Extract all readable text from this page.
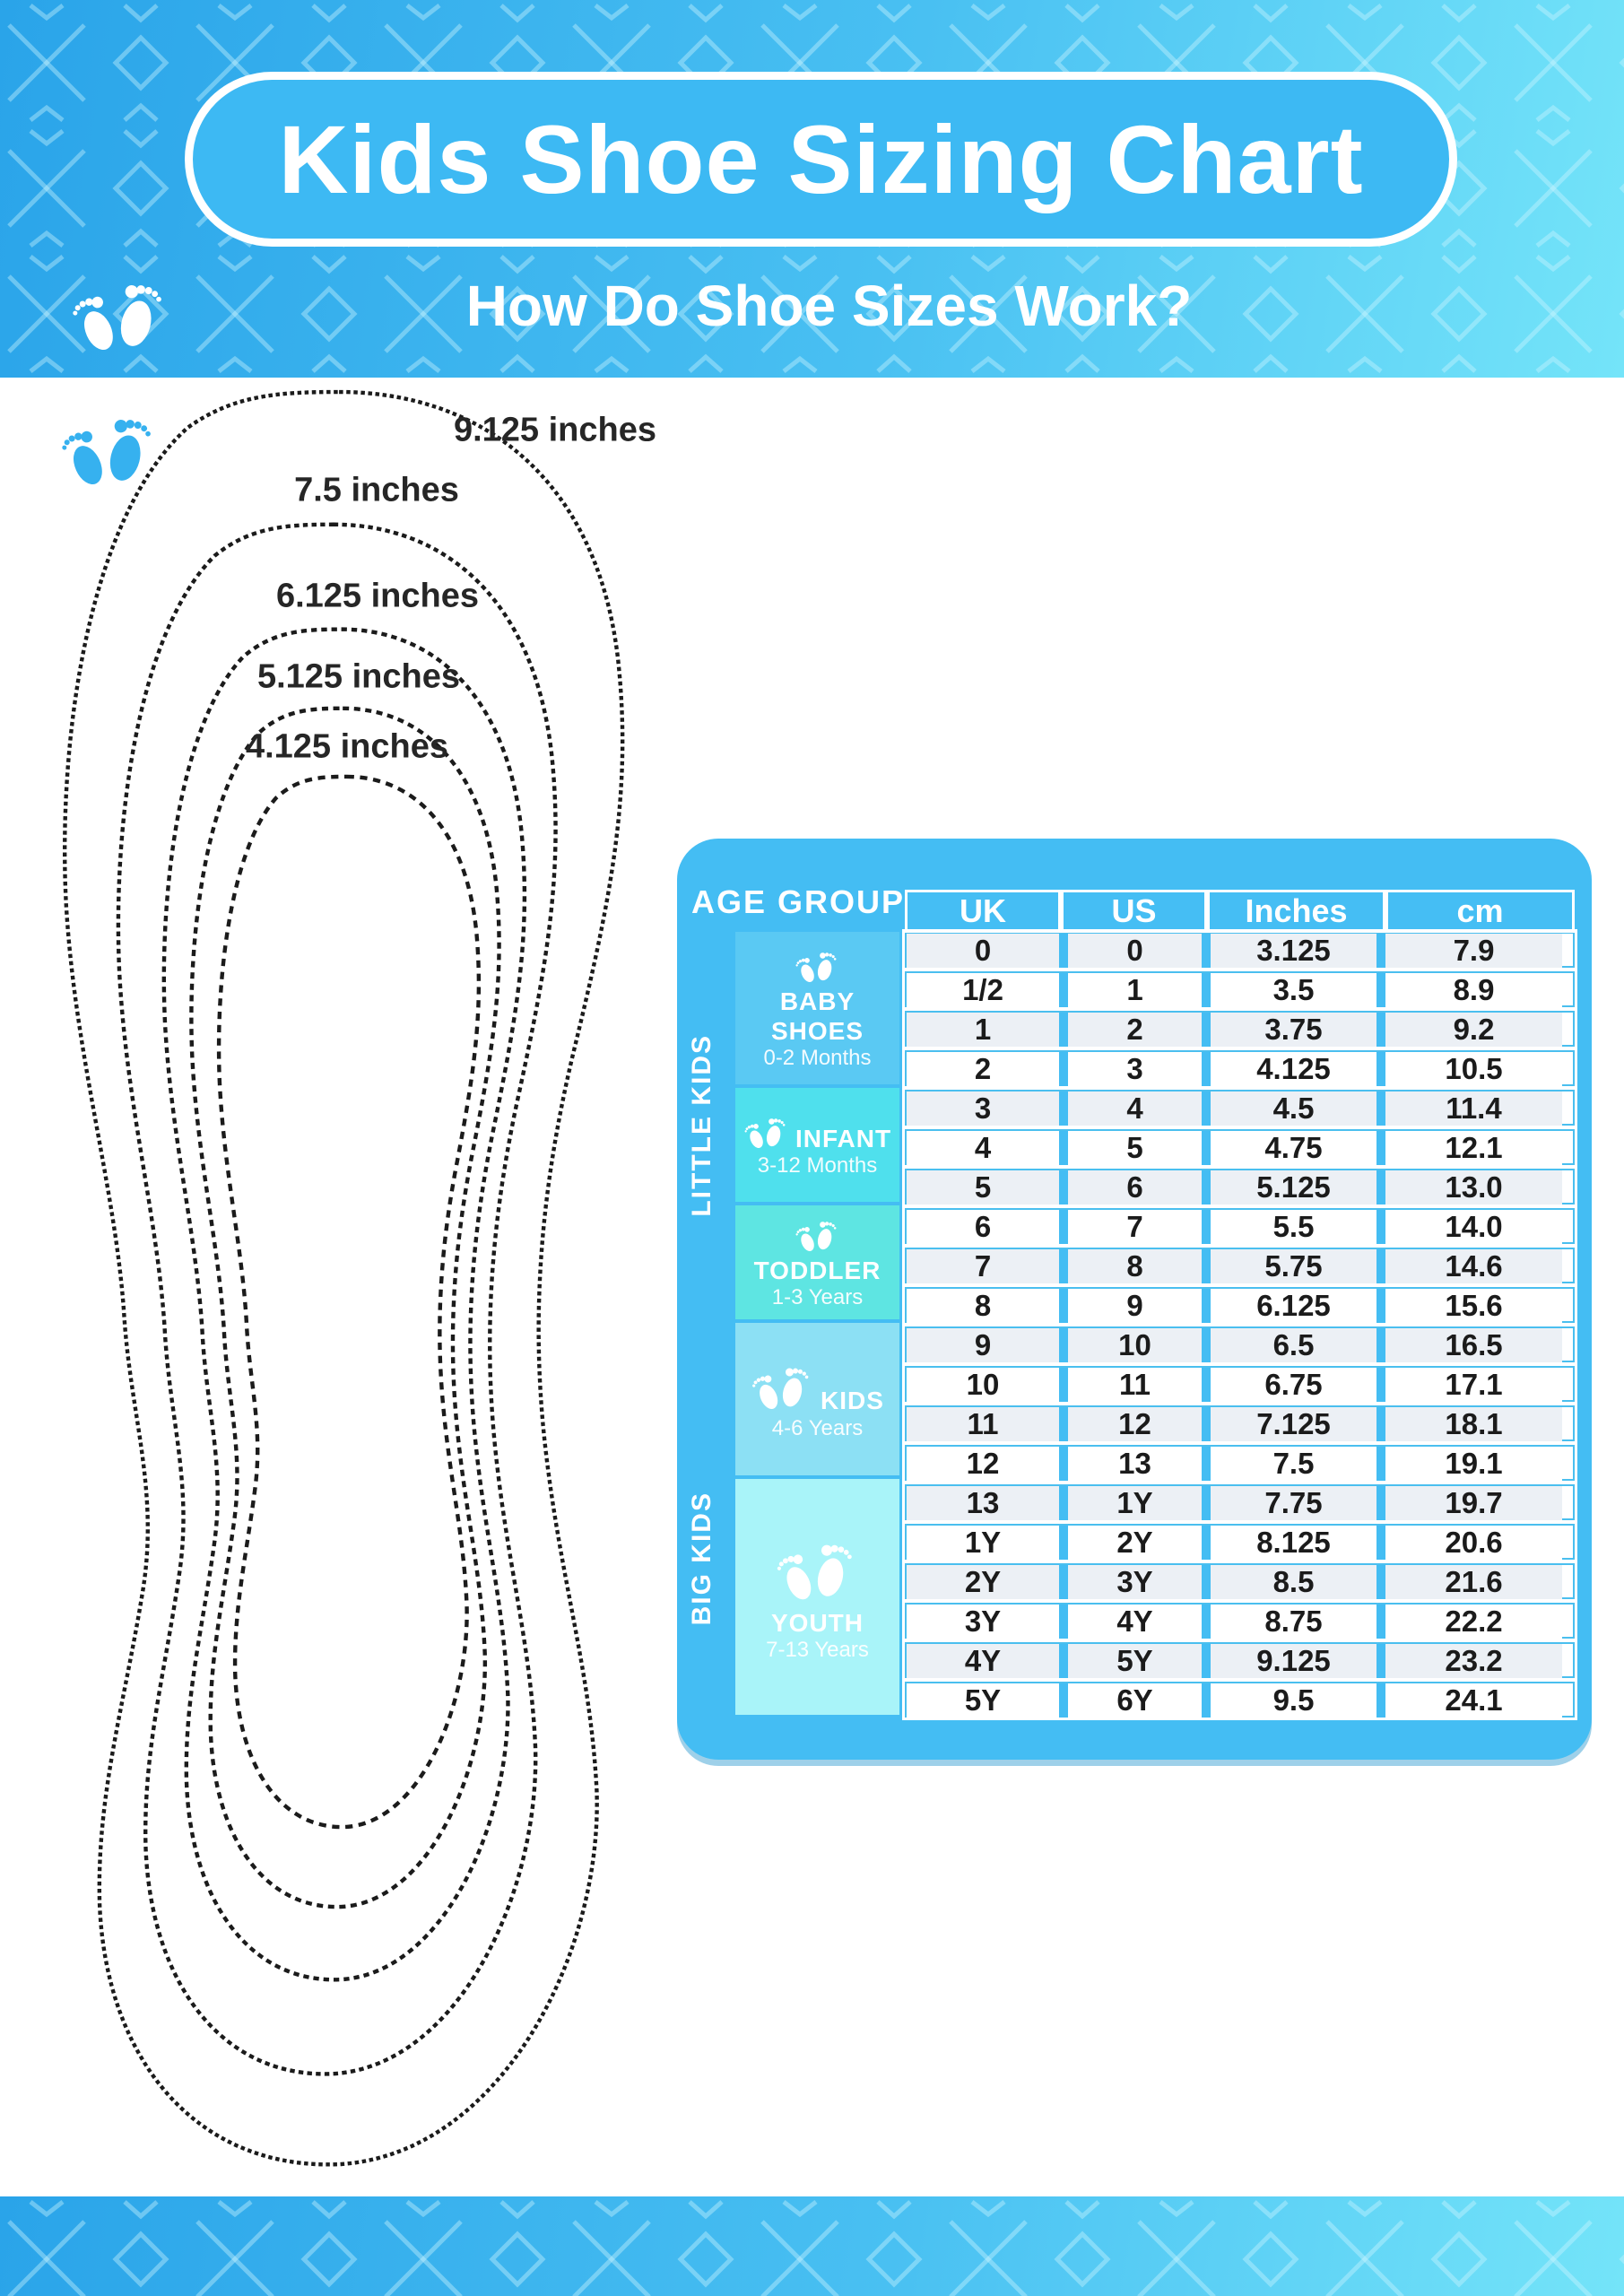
Kids Shoe Sizing Chart
How Do Shoe Sizes Work?
9.125 inches
7.5 inches
6.125 inches
5.125 inches
4.125 inches
AGE GROUP
LITTLE KIDS
BIG KIDS
BABY SHOES
0-2 Months
INFANT
3-12 Months
TODDLER
1-3 Years
KIDS
4-6 Years
YOUTH
7-13 Years
UK	US	Inches	cm
0	0	3.125	7.9
1/2	1	3.5	8.9
1	2	3.75	9.2
2	3	4.125	10.5
3	4	4.5	11.4
4	5	4.75	12.1
5	6	5.125	13.0
6	7	5.5	14.0
7	8	5.75	14.6
8	9	6.125	15.6
9	10	6.5	16.5
10	11	6.75	17.1
11	12	7.125	18.1
12	13	7.5	19.1
13	1Y	7.75	19.7
1Y	2Y	8.125	20.6
2Y	3Y	8.5	21.6
3Y	4Y	8.75	22.2
4Y	5Y	9.125	23.2
5Y	6Y	9.5	24.1
